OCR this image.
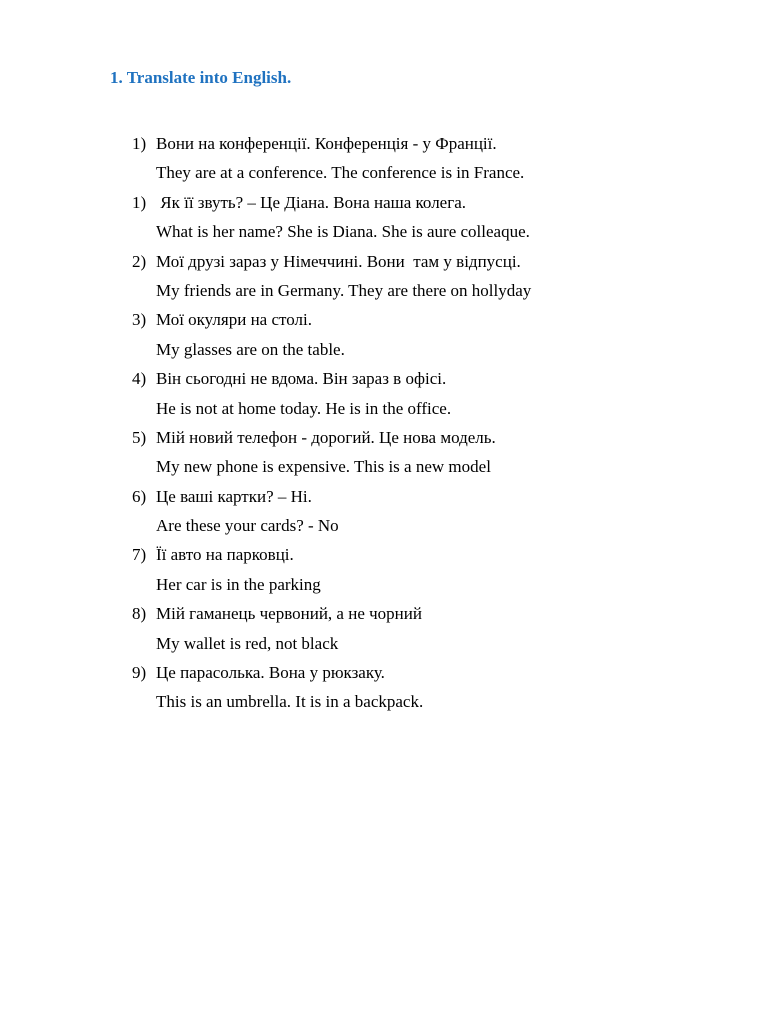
1. Translate into English.
1) Вони на конференції. Конференція - у Франції.
They are at a conference. The conference is in France.
1) Як її звуть? – Це Діана. Вона наша колега.
What is her name? She is Diana. She is aure colleaque.
2) Мої друзі зараз у Німеччині. Вони  там у відпусці.
My friends are in Germany. They are there on hollyday
3) Мої окуляри на столі.
My glasses are on the table.
4) Він сьогодні не вдома. Він зараз в офісі.
He is not at home today. He is in the office.
5) Мій новий телефон - дорогий. Це нова модель.
My new phone is expensive. This is a new model
6) Це ваші картки? – Ні.
Are these your cards? - No
7) Її авто на парковці.
Her car is in the parking
8) Мій гаманець червоний, а не чорний
My wallet is red, not black
9) Це парасолька. Вона у рюкзаку.
This is an umbrella. It is in a backpack.
